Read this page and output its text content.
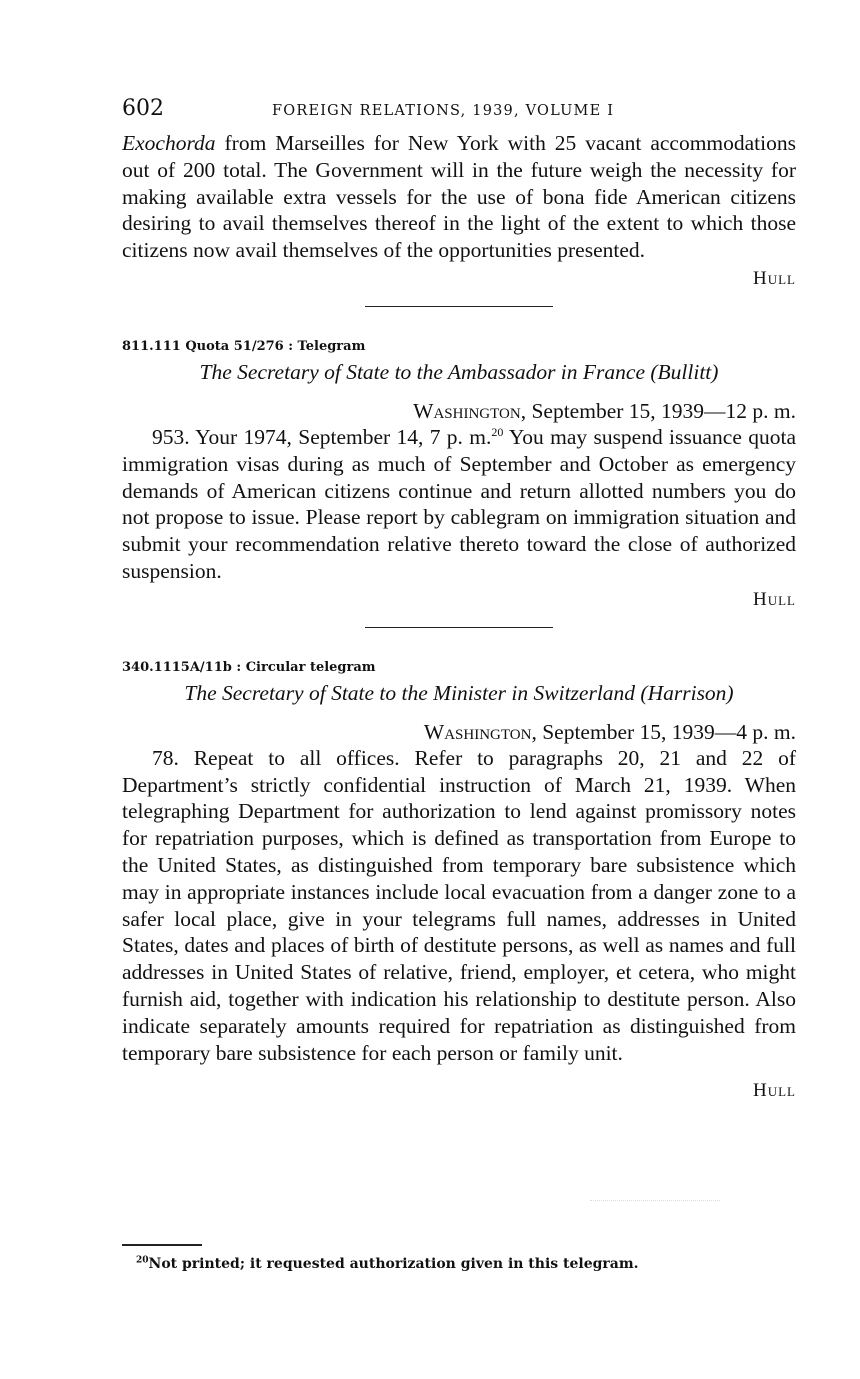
602	FOREIGN RELATIONS, 1939, VOLUME I

Exochorda from Marseilles for New York with 25 vacant accommodations out of 200 total. The Government will in the future weigh the necessity for making available extra vessels for the use of bona fide American citizens desiring to avail themselves thereof in the light of the extent to which those citizens now avail themselves of the opportunities presented.

Hull
811.111 Quota 51/276 : Telegram
The Secretary of State to the Ambassador in France (Bullitt)
Washington, September 15, 1939—12 p. m.

953. Your 1974, September 14, 7 p. m.$^{20}$ You may suspend issuance quota immigration visas during as much of September and October as emergency demands of American citizens continue and return allotted numbers you do not propose to issue. Please report by cablegram on immigration situation and submit your recommendation relative thereto toward the close of authorized suspension.

Hull
340.1115A/11b : Circular telegram
The Secretary of State to the Minister in Switzerland (Harrison)
Washington, September 15, 1939—4 p. m.

78. Repeat to all offices. Refer to paragraphs 20, 21 and 22 of Department’s strictly confidential instruction of March 21, 1939. When telegraphing Department for authorization to lend against promissory notes for repatriation purposes, which is defined as transportation from Europe to the United States, as distinguished from temporary bare subsistence which may in appropriate instances include local evacuation from a danger zone to a safer local place, give in your telegrams full names, addresses in United States, dates and places of birth of destitute persons, as well as names and full addresses in United States of relative, friend, employer, et cetera, who might furnish aid, together with indication his relationship to destitute person. Also indicate separately amounts required for repatriation as distinguished from temporary bare subsistence for each person or family unit.

Hull
$^{20}$Not printed; it requested authorization given in this telegram.
